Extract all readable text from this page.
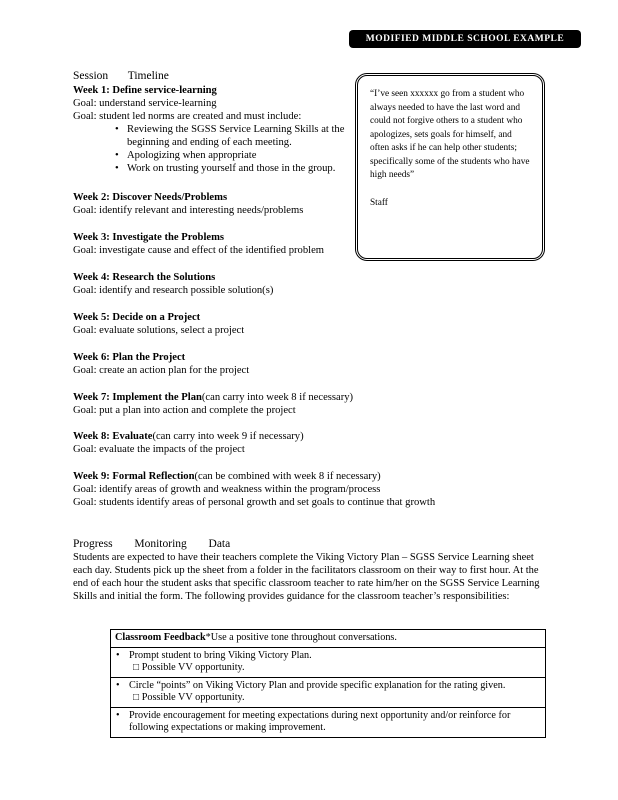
MODIFIED MIDDLE SCHOOL EXAMPLE
Session Timeline
Week 1: Define service-learning
Goal: understand service-learning
Goal: student led norms are created and must include:
• Reviewing the SGSS Service Learning Skills at the beginning and ending of each meeting.
• Apologizing when appropriate
• Work on trusting yourself and those in the group.
Week 2: Discover Needs/Problems
Goal: identify relevant and interesting needs/problems
Week 3: Investigate the Problems
Goal: investigate cause and effect of the identified problem
Week 4: Research the Solutions
Goal: identify and research possible solution(s)
Week 5: Decide on a Project
Goal: evaluate solutions, select a project
Week 6: Plan the Project
Goal: create an action plan for the project
Week 7: Implement the Plan(can carry into week 8 if necessary)
Goal: put a plan into action and complete the project
Week 8: Evaluate(can carry into week 9 if necessary)
Goal: evaluate the impacts of the project
Week 9: Formal Reflection(can be combined with week 8 if necessary)
Goal: identify areas of growth and weakness within the program/process
Goal: students identify areas of personal growth and set goals to continue that growth
“I’ve seen xxxxxx go from a student who always needed to have the last word and could not forgive others to a student who apologizes, sets goals for himself, and often asks if he can help other students; specifically some of the students who have high needs”
Staff
Progress Monitoring Data
Students are expected to have their teachers complete the Viking Victory Plan – SGSS Service Learning sheet each day. Students pick up the sheet from a folder in the facilitators classroom on their way to first hour. At the end of each hour the student asks that specific classroom teacher to rate him/her on the SGSS Service Learning Skills and initial the form. The following provides guidance for the classroom teacher’s responsibilities:
Classroom Feedback*Use a positive tone throughout conversations.

• Prompt student to bring Viking Victory Plan.
□ Possible VV opportunity.

• Circle “points” on Viking Victory Plan and provide specific explanation for the rating given.
□ Possible VV opportunity.

• Provide encouragement for meeting expectations during next opportunity and/or reinforce for following expectations or making improvement.
